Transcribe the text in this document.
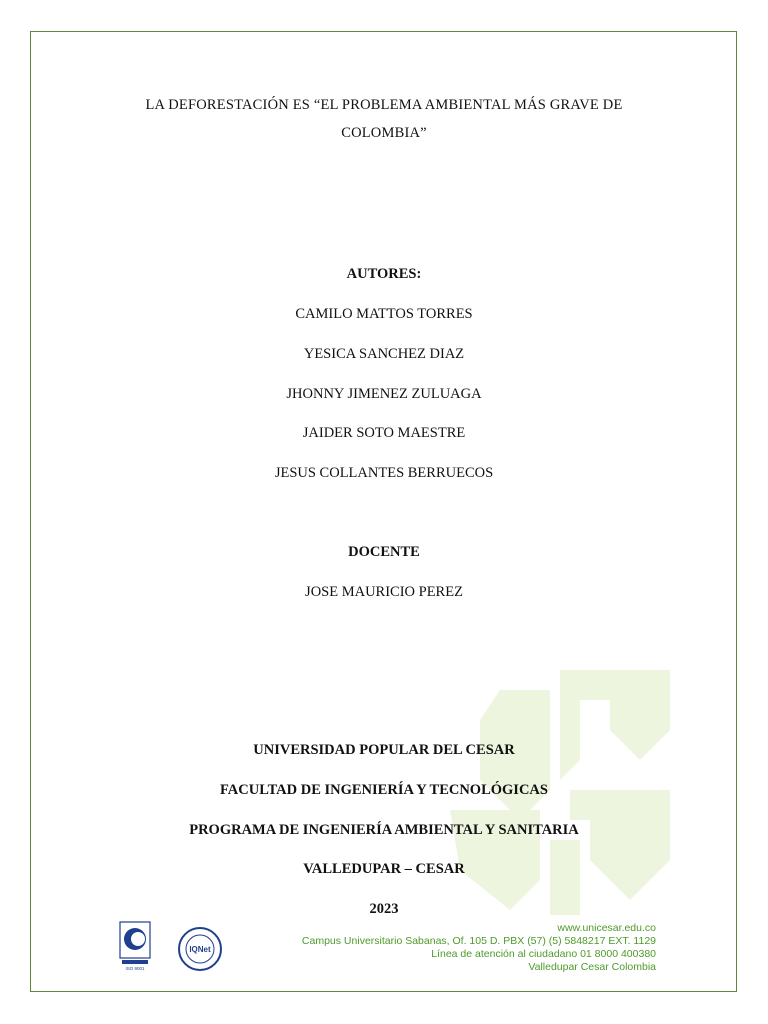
LA DEFORESTACIÓN ES “EL PROBLEMA AMBIENTAL MÁS GRAVE DE
COLOMBIA”
AUTORES:
CAMILO MATTOS TORRES
YESICA SANCHEZ DIAZ
JHONNY JIMENEZ ZULUAGA
JAIDER SOTO MAESTRE
JESUS COLLANTES BERRUECOS
DOCENTE
JOSE MAURICIO PEREZ
UNIVERSIDAD POPULAR DEL CESAR
FACULTAD DE INGENIERÍA Y TECNOLÓGICAS
PROGRAMA DE INGENIERÍA AMBIENTAL Y SANITARIA
VALLEDUPAR – CESAR
2023
ISO 9001
IQNet
www.unicesar.edu.co
Campus Universitario Sabanas, Of. 105 D. PBX (57) (5) 5848217 EXT. 1129
Línea de atención al ciudadano 01 8000 400380
Valledupar Cesar Colombia
